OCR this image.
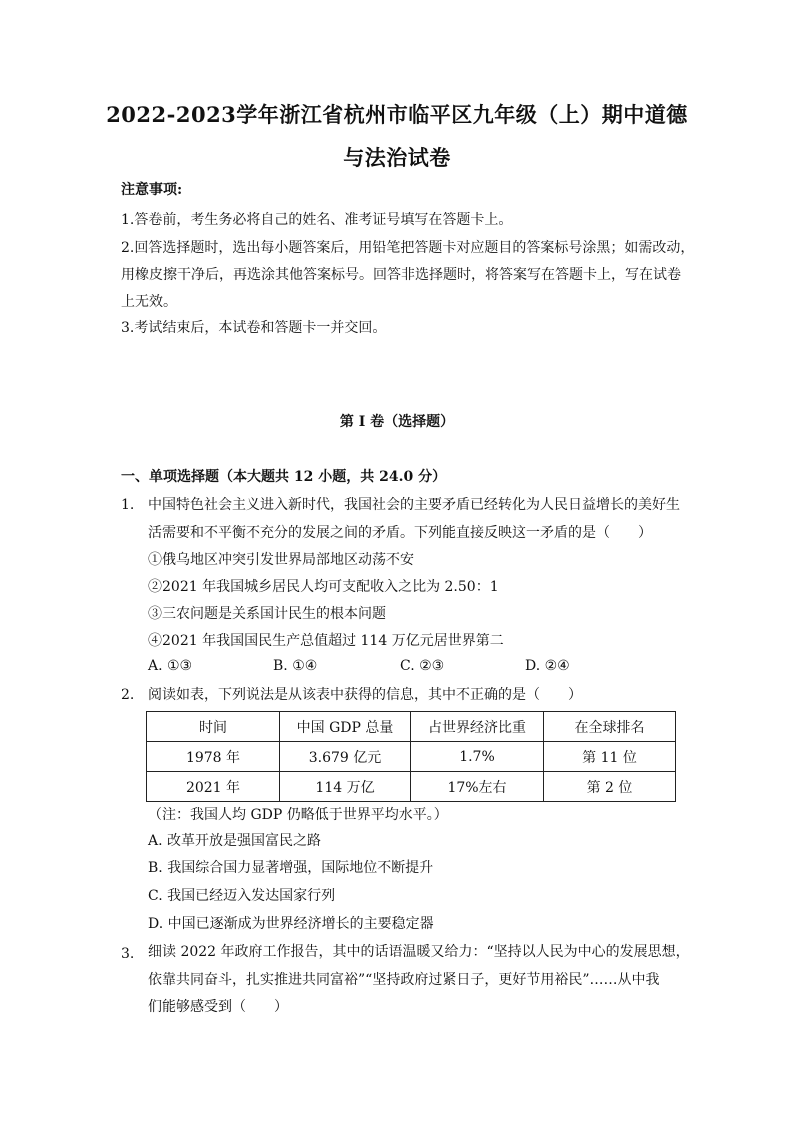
2022-2023学年浙江省杭州市临平区九年级（上）期中道德
与法治试卷
注意事项:
1.答卷前，考生务必将自己的姓名、准考证号填写在答题卡上。
2.回答选择题时，选出每小题答案后，用铅笔把答题卡对应题目的答案标号涂黑；如需改动，
用橡皮擦干净后，再选涂其他答案标号。回答非选择题时，将答案写在答题卡上，写在试卷
上无效。
3.考试结束后，本试卷和答题卡一并交回。
第 I 卷（选择题）
一、单项选择题（本大题共 12 小题，共 24.0 分）
1. 中国特色社会主义进入新时代，我国社会的主要矛盾已经转化为人民日益增长的美好生
活需要和不平衡不充分的发展之间的矛盾。下列能直接反映这一矛盾的是（　　）
①俄乌地区冲突引发世界局部地区动荡不安
②2021 年我国城乡居民人均可支配收入之比为 2.50：1
③三农问题是关系国计民生的根本问题
④2021 年我国国民生产总值超过 114 万亿元居世界第二
A. ①③	B. ①④	C. ②③	D. ②④
2. 阅读如表，下列说法是从该表中获得的信息，其中不正确的是（　　）
时间	中国 GDP 总量	占世界经济比重	在全球排名
1978 年	3.679 亿元	1.7%	第 11 位
2021 年	114 万亿	17%左右	第 2 位
（注：我国人均 GDP 仍略低于世界平均水平。）
A. 改革开放是强国富民之路
B. 我国综合国力显著增强，国际地位不断提升
C. 我国已经迈入发达国家行列
D. 中国已逐渐成为世界经济增长的主要稳定器
3. 细读 2022 年政府工作报告，其中的话语温暖又给力：“坚持以人民为中心的发展思想，
依靠共同奋斗，扎实推进共同富裕”“坚持政府过紧日子，更好节用裕民”……从中我
们能够感受到（　　）
